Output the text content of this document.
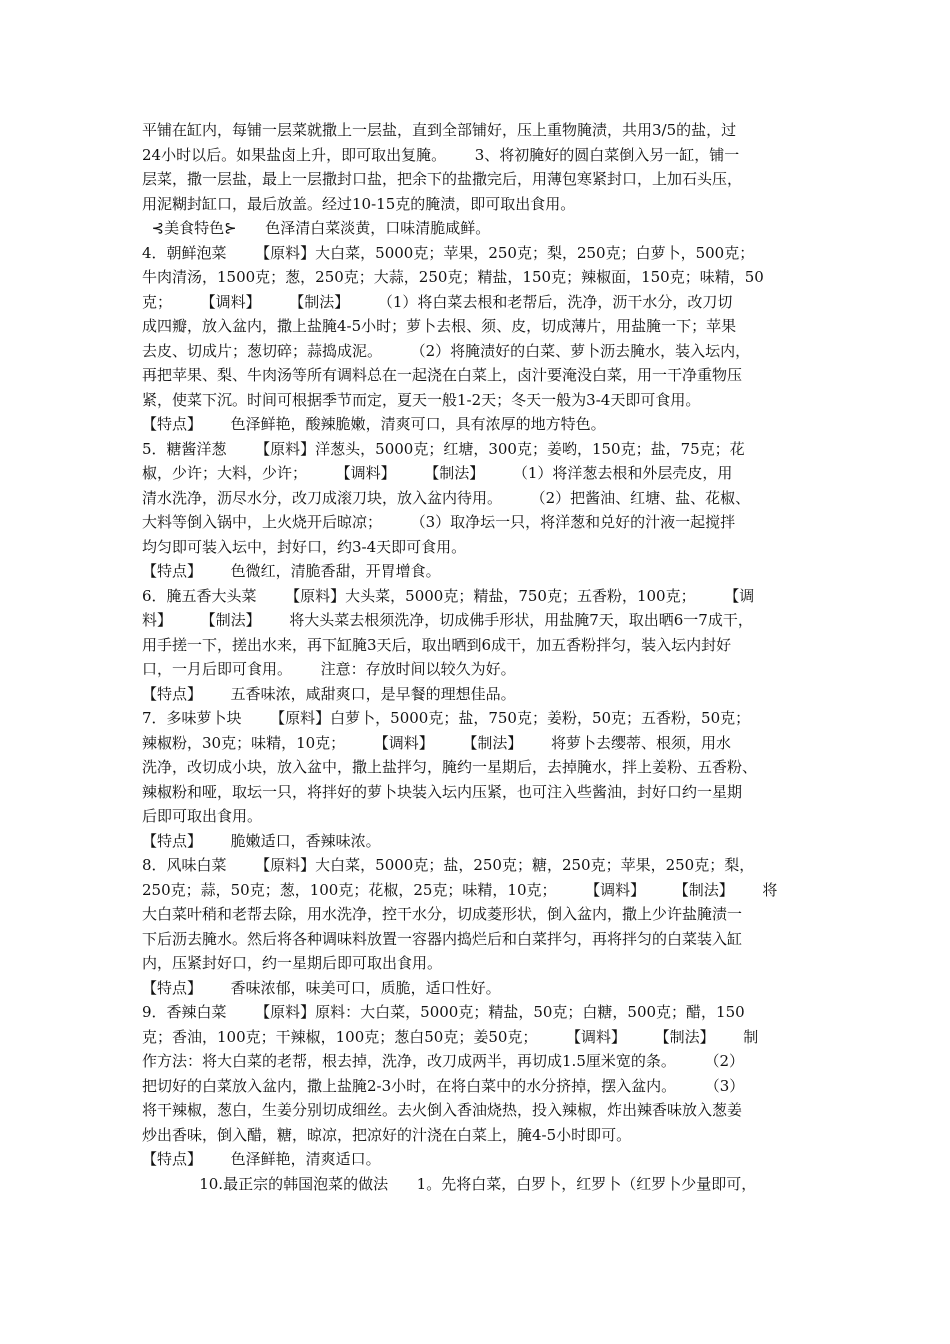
平铺在缸内，每铺一层菜就撒上一层盐，直到全部铺好，压上重物腌渍，共用3/5的盐，过
24小时以后。如果盐卤上升，即可取出复腌。      3、将初腌好的圆白菜倒入另一缸，铺一
层菜，撒一层盐，最上一层撒封口盐，把余下的盐撒完后，用薄包寒紧封口，上加石头压，
用泥糊封缸口，最后放盖。经过10-15克的腌渍，即可取出食用。
⊰美食特色⊱      色泽清白菜淡黄，口味清脆咸鲜。
4．朝鲜泡菜      【原料】大白菜，5000克；苹果，250克；梨，250克；白萝卜，500克；
牛肉清汤，1500克；葱，250克；大蒜，250克；精盐，150克；辣椒面，150克；味精，50
克；      【调料】      【制法】      （1）将白菜去根和老帮后，洗净，沥干水分，改刀切
成四瓣，放入盆内，撒上盐腌4-5小时；萝卜去根、须、皮，切成薄片，用盐腌一下；苹果
去皮、切成片；葱切碎；蒜捣成泥。      （2）将腌渍好的白菜、萝卜沥去腌水，装入坛内，
再把苹果、梨、牛肉汤等所有调料总在一起浇在白菜上，卤汁要淹没白菜，用一干净重物压
紧，使菜下沉。时间可根据季节而定，夏天一般1-2天；冬天一般为3-4天即可食用。
【特点】      色泽鲜艳，酸辣脆嫩，清爽可口，具有浓厚的地方特色。
5．糖酱洋葱      【原料】洋葱头，5000克；红塘，300克；姜哟，150克；盐，75克；花
椒，少许；大料，少许；      【调料】      【制法】      （1）将洋葱去根和外层壳皮，用
清水洗净，沥尽水分，改刀成滚刀块，放入盆内待用。      （2）把酱油、红塘、盐、花椒、
大料等倒入锅中，上火烧开后晾凉；      （3）取净坛一只，将洋葱和兑好的汁液一起搅拌
均匀即可装入坛中，封好口，约3-4天即可食用。
【特点】      色微红，清脆香甜，开胃增食。
6．腌五香大头菜      【原料】大头菜，5000克；精盐，750克；五香粉，100克；      【调
料】      【制法】      将大头菜去根须洗净，切成佛手形状，用盐腌7天，取出晒6一7成干，
用手搓一下，搓出水来，再下缸腌3天后，取出晒到6成干，加五香粉拌匀，装入坛内封好
口，一月后即可食用。      注意：存放时间以较久为好。
【特点】      五香味浓，咸甜爽口，是早餐的理想佳品。
7．多味萝卜块      【原料】白萝卜，5000克；盐，750克；姜粉，50克；五香粉，50克；
辣椒粉，30克；味精，10克；      【调料】      【制法】      将萝卜去缨蒂、根须，用水
洗净，改切成小块，放入盆中，撒上盐拌匀，腌约一星期后，去掉腌水，拌上姜粉、五香粉、
辣椒粉和哑，取坛一只，将拌好的萝卜块装入坛内压紧，也可注入些酱油，封好口约一星期
后即可取出食用。
【特点】      脆嫩适口，香辣味浓。
8．风味白菜      【原料】大白菜，5000克；盐，250克；糖，250克；苹果，250克；梨，
250克；蒜，50克；葱，100克；花椒，25克；味精，10克；      【调料】      【制法】      将
大白菜叶稍和老帮去除，用水洗净，控干水分，切成菱形状，倒入盆内，撒上少许盐腌渍一
下后沥去腌水。然后将各种调味料放置一容器内捣烂后和白菜拌匀，再将拌匀的白菜装入缸
内，压紧封好口，约一星期后即可取出食用。
【特点】      香味浓郁，味美可口，质脆，适口性好。
9．香辣白菜      【原料】原料：大白菜，5000克；精盐，50克；白糖，500克；醋，150
克；香油，100克；干辣椒，100克；葱白50克；姜50克；      【调料】      【制法】      制
作方法：将大白菜的老帮，根去掉，洗净，改刀成两半，再切成1.5厘米宽的条。      （2）
把切好的白菜放入盆内，撒上盐腌2-3小时，在将白菜中的水分挤掉，摆入盆内。      （3）
将干辣椒，葱白，生姜分别切成细丝。去火倒入香油烧热，投入辣椒，炸出辣香味放入葱姜
炒出香味，倒入醋，糖，晾凉，把凉好的汁浇在白菜上，腌4-5小时即可。
【特点】      色泽鲜艳，清爽适口。
10.最正宗的韩国泡菜的做法      1。先将白菜，白罗卜，红罗卜（红罗卜少量即可，
